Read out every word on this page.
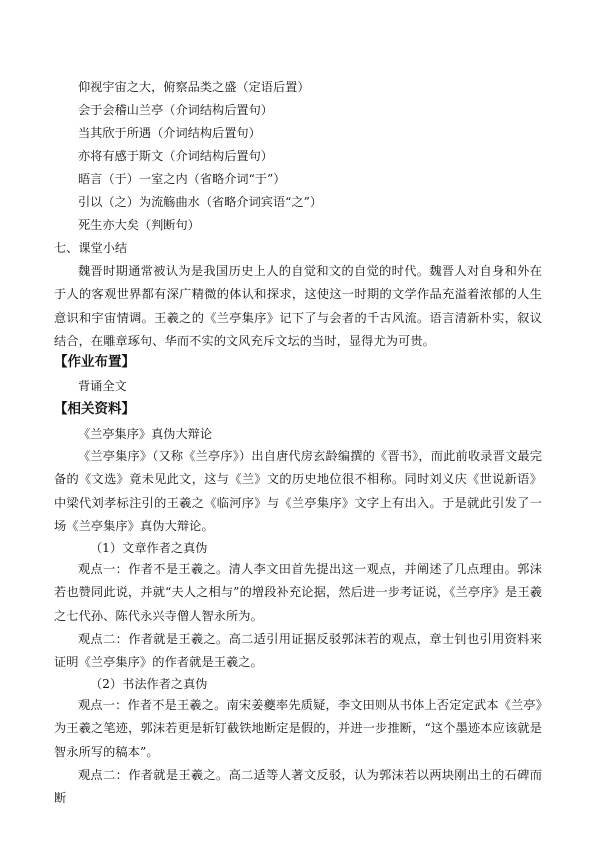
仰视宇宙之大，俯察品类之盛（定语后置）
会于会稽山兰亭（介词结构后置句）
当其欣于所遇（介词结构后置句）
亦将有感于斯文（介词结构后置句）
晤言（于）一室之内（省略介词“于”）
引以（之）为流觞曲水（省略介词宾语“之”）
死生亦大矣（判断句）
七、课堂小结
魏晋时期通常被认为是我国历史上人的自觉和文的自觉的时代。魏晋人对自身和外在于人的客观世界都有深广精微的体认和探求，这使这一时期的文学作品充溢着浓郁的人生意识和宇宙情调。王羲之的《兰亭集序》记下了与会者的千古风流。语言清新朴实，叙议结合，在雕章琢句、华而不实的文风充斥文坛的当时，显得尤为可贵。
【作业布置】
背诵全文
【相关资料】
《兰亭集序》真伪大辩论
《兰亭集序》（又称《兰亭序》）出自唐代房玄龄编撰的《晋书》，而此前收录晋文最完备的《文选》竟未见此文，这与《兰》文的历史地位很不相称。同时刘义庆《世说新语》中梁代刘孝标注引的王羲之《临河序》与《兰亭集序》文字上有出入。于是就此引发了一场《兰亭集序》真伪大辩论。
（1）文章作者之真伪
观点一：作者不是王羲之。清人李文田首先提出这一观点，并阐述了几点理由。郭沫若也赞同此说，并就“夫人之相与”的增段补充论据，然后进一步考证说，《兰亭序》是王羲之七代孙、陈代永兴寺僧人智永所为。
观点二：作者就是王羲之。高二适引用证据反驳郭沫若的观点，章士钊也引用资料来证明《兰亭集序》的作者就是王羲之。
（2）书法作者之真伪
观点一：作者不是王羲之。南宋姜夔率先质疑，李文田则从书体上否定定武本《兰亭》为王羲之笔迹，郭沫若更是斩钉截铁地断定是假的，并进一步推断，“这个墨迹本应该就是智永所写的稿本”。
观点二：作者就是王羲之。高二适等人著文反驳，认为郭沫若以两块刚出土的石碑而断
